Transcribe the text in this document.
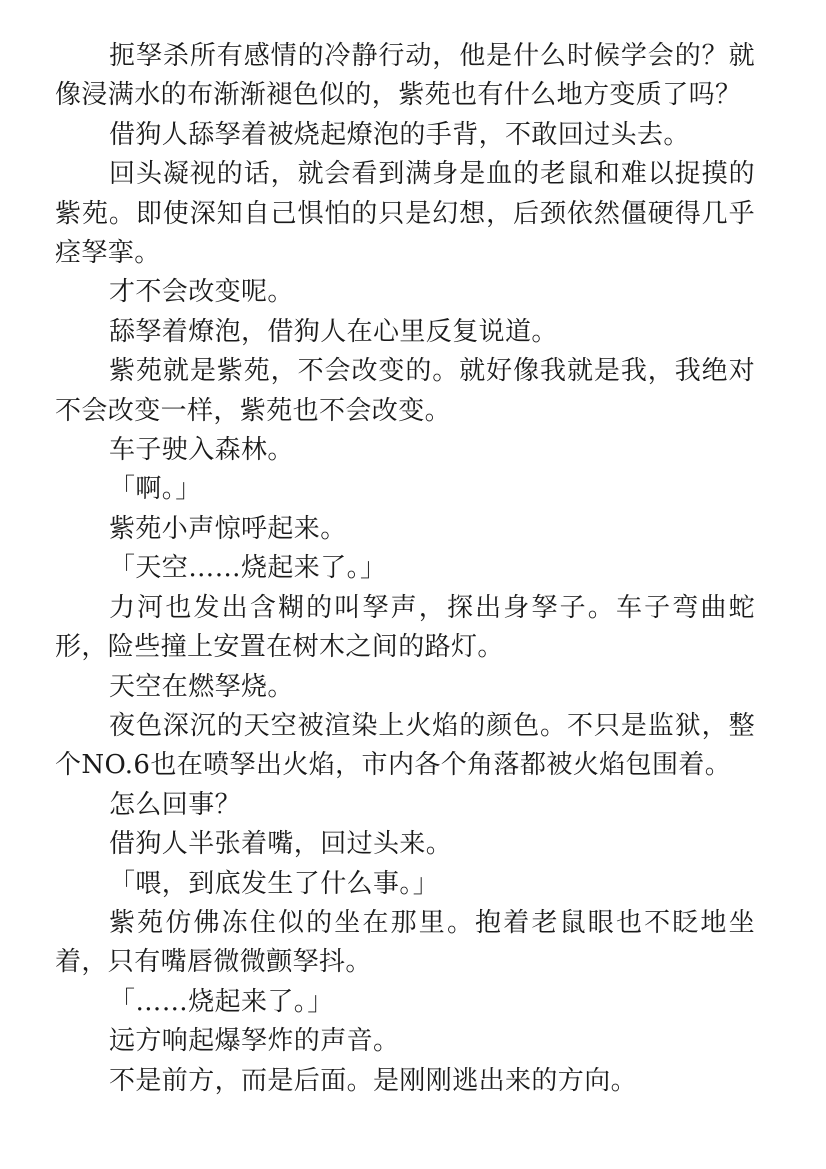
扼孥杀所有感情的冷静行动，他是什么时候学会的？就像浸满水的布渐渐褪色似的，紫苑也有什么地方变质了吗？

借狗人舔孥着被烧起燎泡的手背，不敢回过头去。

回头凝视的话，就会看到满身是血的老鼠和难以捉摸的紫苑。即使深知自己惧怕的只是幻想，后颈依然僵硬得几乎痉孥挛。

才不会改变呢。

舔孥着燎泡，借狗人在心里反复说道。

紫苑就是紫苑，不会改变的。就好像我就是我，我绝对不会改变一样，紫苑也不会改变。

车子驶入森林。

「啊。」

紫苑小声惊呼起来。

「天空……烧起来了。」

力河也发出含糊的叫孥声，探出身孥子。车子弯曲蛇形，险些撞上安置在树木之间的路灯。

天空在燃孥烧。

夜色深沉的天空被渲染上火焰的颜色。不只是监狱，整个NO.6也在喷孥出火焰，市内各个角落都被火焰包围着。

怎么回事？

借狗人半张着嘴，回过头来。

「喂，到底发生了什么事。」

紫苑仿佛冻住似的坐在那里。抱着老鼠眼也不眨地坐着，只有嘴唇微微颤孥抖。

「……烧起来了。」

远方响起爆孥炸的声音。

不是前方，而是后面。是刚刚逃出来的方向。
